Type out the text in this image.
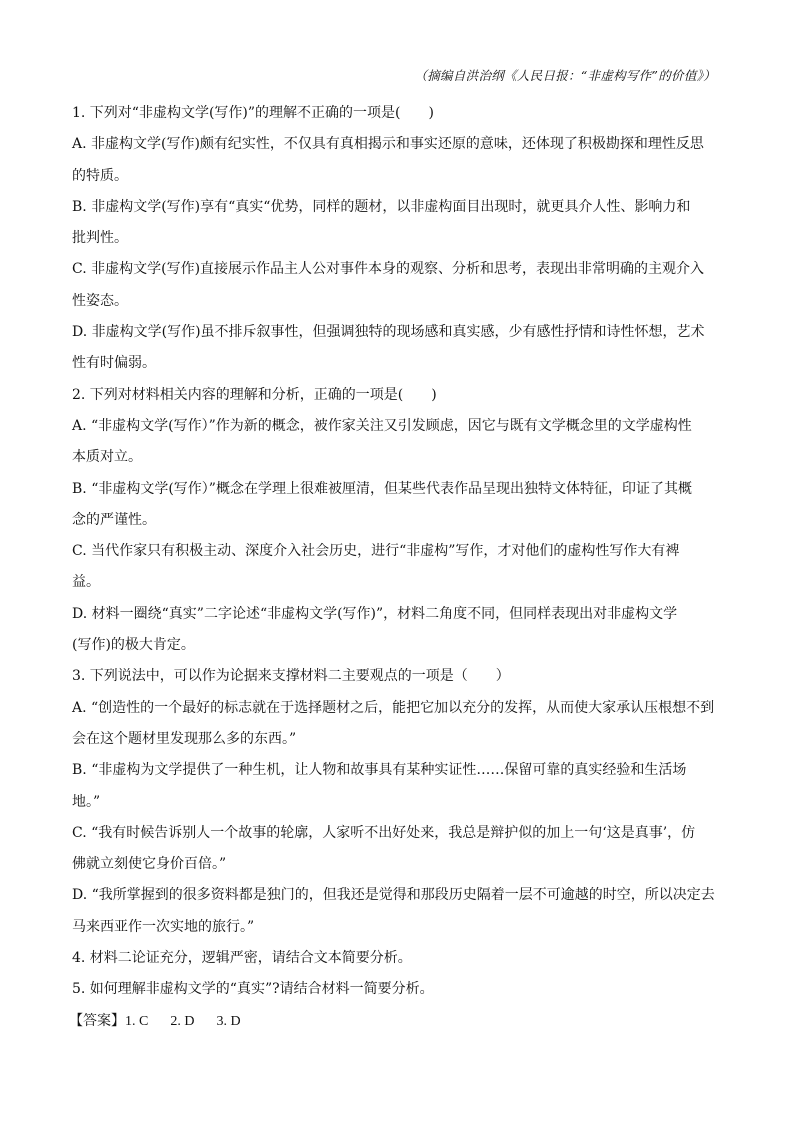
（摘编自洪治纲《人民日报：“非虚构写作”的价值》）
1. 下列对“非虚构文学(写作)”的理解不正确的一项是(　　)
A. 非虚构文学(写作)颇有纪实性，不仅具有真相揭示和事实还原的意味，还体现了积极勘探和理性反思
的特质。
B. 非虚构文学(写作)享有“真实“优势，同样的题材，以非虚构面目出现时，就更具介人性、影响力和
批判性。
C. 非虚构文学(写作)直接展示作品主人公对事件本身的观察、分析和思考，表现出非常明确的主观介入
性姿态。
D. 非虚构文学(写作)虽不排斥叙事性，但强调独特的现场感和真实感，少有感性抒情和诗性怀想，艺术
性有时偏弱。
2. 下列对材料相关内容的理解和分析，正确的一项是(　　)
A. “非虚构文学(写作）”作为新的概念，被作家关注又引发顾虑，因它与既有文学概念里的文学虚构性
本质对立。
B. “非虚构文学(写作）”概念在学理上很难被厘清，但某些代表作品呈现出独特文体特征，印证了其概
念的严谨性。
C. 当代作家只有积极主动、深度介入社会历史，进行“非虚构”写作，才对他们的虚构性写作大有裨
益。
D. 材料一圈绕“真实”二字论述“非虚构文学(写作)”，材料二角度不同，但同样表现出对非虚构文学
(写作)的极大肯定。
3. 下列说法中，可以作为论据来支撑材料二主要观点的一项是（　　）
A. “创造性的一个最好的标志就在于选择题材之后，能把它加以充分的发挥，从而使大家承认压根想不到
会在这个题材里发现那么多的东西。”
B. “非虚构为文学提供了一种生机，让人物和故事具有某种实证性……保留可靠的真实经验和生活场
地。”
C. “我有时候告诉别人一个故事的轮廓，人家听不出好处来，我总是辩护似的加上一句‘这是真事’，仿
佛就立刻使它身价百倍。”
D. “我所掌握到的很多资料都是独门的，但我还是觉得和那段历史隔着一层不可逾越的时空，所以决定去
马来西亚作一次实地的旅行。”
4. 材料二论证充分，逻辑严密，请结合文本简要分析。
5. 如何理解非虚构文学的“真实”?请结合材料一简要分析。
【答案】1. C 2. D 3. D
